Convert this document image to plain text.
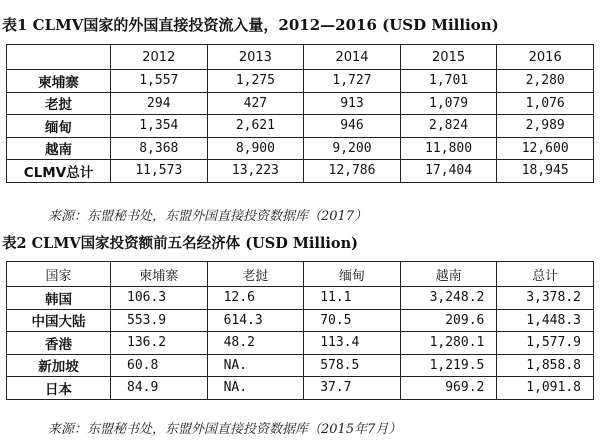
表1 CLMV国家的外国直接投资流入量，2012—2016 (USD Million)
	2012	2013	2014	2015	2016
柬埔寨	1,557	1,275	1,727	1,701	2,280
老挝	294	427	913	1,079	1,076
缅甸	1,354	2,621	946	2,824	2,989
越南	8,368	8,900	9,200	11,800	12,600
CLMV总计	11,573	13,223	12,786	17,404	18,945
来源：东盟秘书处，东盟外国直接投资数据库（2017）
表2 CLMV国家投资额前五名经济体 (USD Million)
国家	柬埔寨	老挝	缅甸	越南	总计
韩国	106.3	12.6	11.1	3,248.2	3,378.2
中国大陆	553.9	614.3	70.5	209.6	1,448.3
香港	136.2	48.2	113.4	1,280.1	1,577.9
新加坡	60.8	NA.	578.5	1,219.5	1,858.8
日本	84.9	NA.	37.7	969.2	1,091.8
来源：东盟秘书处，东盟外国直接投资数据库（2015年7月）
